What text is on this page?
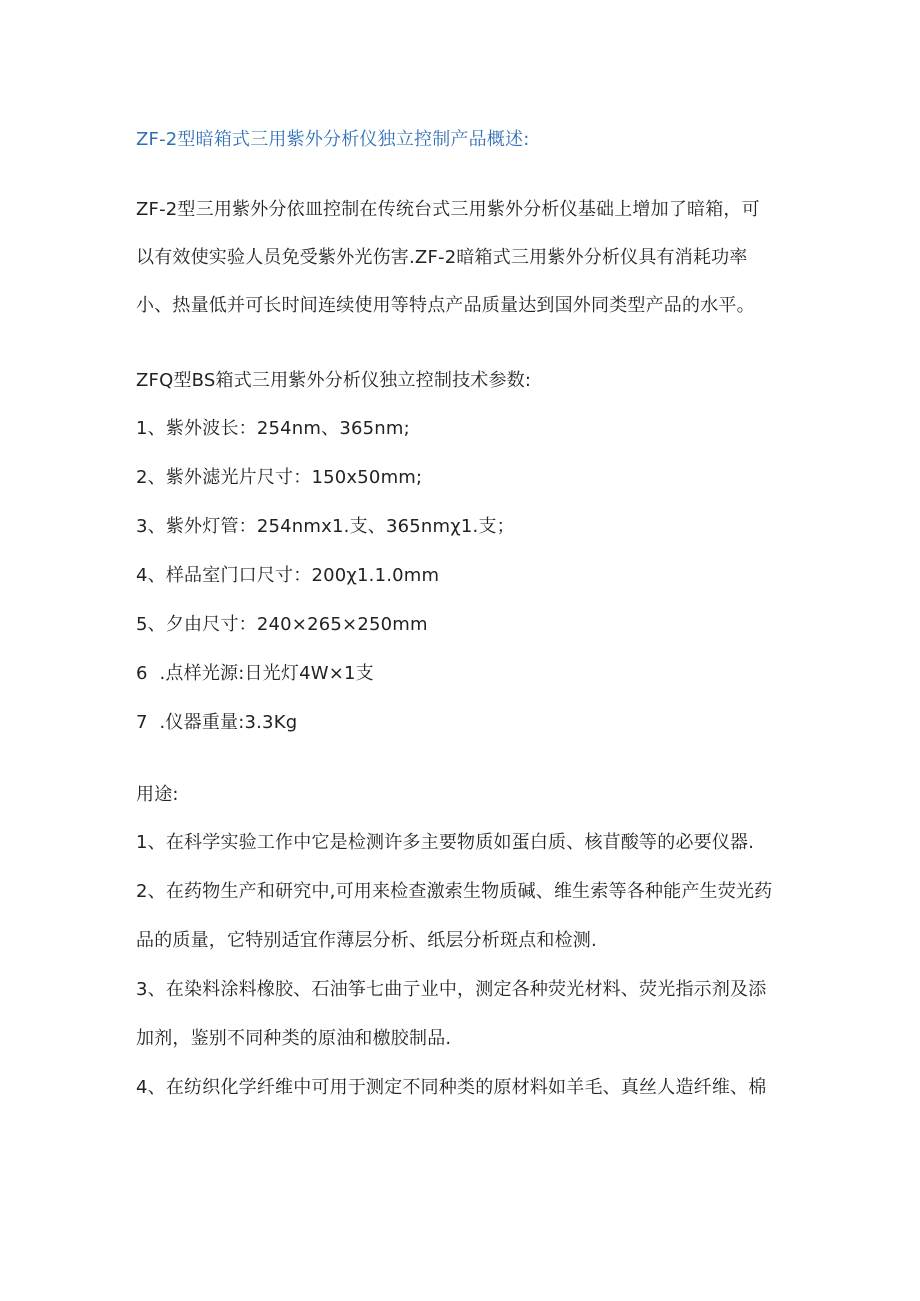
ZF-2型暗箱式三用紫外分析仪独立控制产品概述:
ZF-2型三用紫外分依皿控制在传统台式三用紫外分析仪基础上增加了暗箱，可
以有效使实验人员免受紫外光伤害.ZF-2暗箱式三用紫外分析仪具有消耗功率
小、热量低并可长时间连续使用等特点产品质量达到国外同类型产品的水平。
ZFQ型BS箱式三用紫外分析仪独立控制技术参数:
1、紫外波长：254nm、365nm;
2、紫外滤光片尺寸：150x50mm;
3、紫外灯管：254nmx1.支、365nmχ1.支；
4、样品室门口尺寸：200χ1.1.0mm
5、夕由尺寸：240×265×250mm
6  .点样光源:日光灯4W×1支
7  .仪器重量:3.3Kg
用途:
1、在科学实验工作中它是检测许多主要物质如蛋白质、核苜酸等的必要仪器.
2、在药物生产和研究中,可用来检查激索生物质碱、维生索等各种能产生荧光药
品的质量，它特别适宜作薄层分析、纸层分析斑点和检测.
3、在染料涂料橡胶、石油筝七曲亍业中，测定各种荧光材料、荧光指示剂及添
加剂，鉴别不同种类的原油和檄胶制品.
4、在纺织化学纤维中可用于测定不同种类的原材料如羊毛、真丝人造纤维、棉
